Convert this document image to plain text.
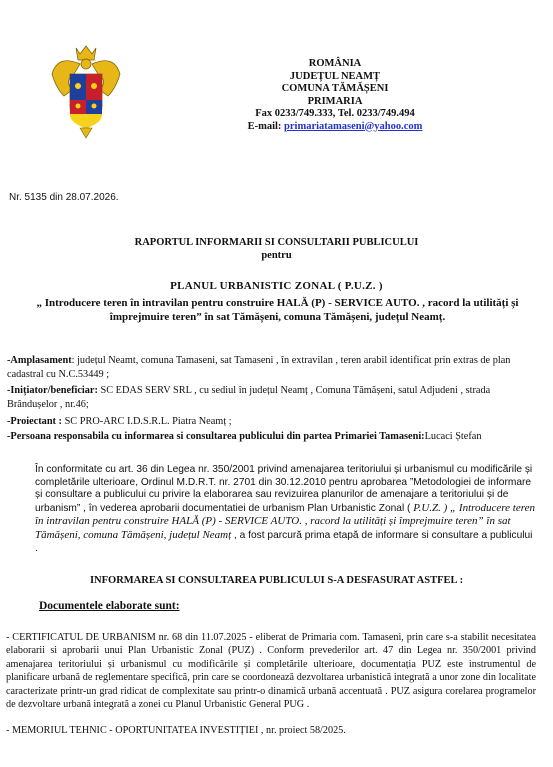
ROMÂNIA
JUDEȚUL NEAMȚ
COMUNA TĂMĂȘENI
PRIMARIA
Fax 0233/749.333, Tel. 0233/749.494
E-mail: primariatamaseni@yahoo.com
Nr. 5135 din 28.07.2026.
RAPORTUL INFORMARII SI CONSULTARII PUBLICULUI
pentru
PLANUL URBANISTIC ZONAL ( P.U.Z. )
„ Introducere teren în intravilan pentru construire HALĂ (P) - SERVICE AUTO. , racord la utilități și împrejmuire teren” în sat Tămășeni, comuna Tămășeni, județul Neamț.
-Amplasament: județul Neamt, comuna Tamaseni, sat Tamaseni , în extravilan , teren arabil identificat prin extras de plan cadastral cu N.C.53449 ;
-Inițiator/beneficiar: SC EDAS SERV SRL , cu sediul în județul Neamț , Comuna Tămășeni, satul Adjudeni , strada Brândușelor , nr.46;
-Proiectant : SC PRO-ARC I.D.S.R.L. Piatra Neamț ;
-Persoana responsabila cu informarea si consultarea publicului din partea Primariei Tamaseni:Lucaci Ștefan
În conformitate cu art. 36 din Legea nr. 350/2001 privind amenajarea teritoriului și urbanismul cu modificările și completările ulterioare, Ordinul M.D.R.T. nr. 2701 din 30.12.2010 pentru aprobarea ”Metodologiei de informare și consultare a publicului cu privire la elaborarea sau revizuirea planurilor de amenajare a teritoriului și de urbanism” , în vederea aprobarii documentatiei de urbanism Plan Urbanistic Zonal ( P.U.Z. ) „ Introducere teren în intravilan pentru construire HALĂ (P) - SERVICE AUTO. , racord la utilități și împrejmuire teren” în sat Tămășeni, comuna Tămășeni, județul Neamț , a fost parcură prima etapă de informare si consultare a publicului .
INFORMAREA SI CONSULTAREA PUBLICULUI S-A DESFASURAT ASTFEL :
Documentele elaborate sunt:
- CERTIFICATUL DE URBANISM nr. 68 din 11.07.2025 - eliberat de Primaria com. Tamaseni, prin care s-a stabilit necesitatea elaborarii si aprobarii unui Plan Urbanistic Zonal (PUZ) . Conform prevederilor art. 47 din Legea nr. 350/2001 privind amenajarea teritoriului și urbanismul cu modificările și completările ulterioare, documentația PUZ este instrumentul de planificare urbană de reglementare specifică, prin care se coordonează dezvoltarea urbanistică integrată a unor zone din localitate caracterizate printr-un grad ridicat de complexitate sau printr-o dinamică urbană accentuată . PUZ asigura corelarea programelor de dezvoltare urbană integrată a zonei cu Planul Urbanistic General PUG .
- MEMORIUL TEHNIC - OPORTUNITATEA INVESTIȚIEI , nr. proiect 58/2025.
